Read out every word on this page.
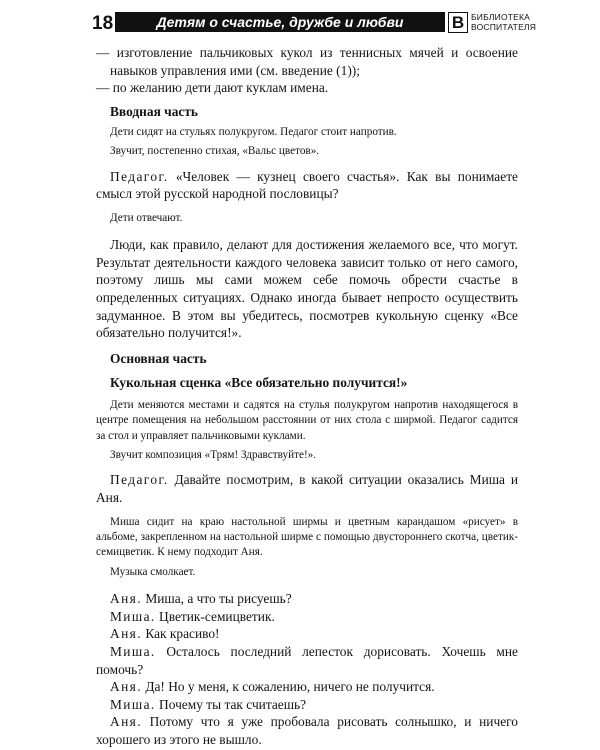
18	Детям о счастье, дружбе и любви	В БИБЛИОТЕКА
ВОСПИТАТЕЛЯ

— изготовление пальчиковых кукол из теннисных мячей и освоение навыков управления ими (см. введение (1));

— по желанию дети дают куклам имена.

Вводная часть

Дети сидят на стульях полукругом. Педагог стоит напротив.

Звучит, постепенно стихая, «Вальс цветов».

Педагог. «Человек — кузнец своего счастья». Как вы понимаете смысл этой русской народной пословицы?

Дети отвечают.

Люди, как правило, делают для достижения желаемого все, что могут. Результат деятельности каждого человека зависит только от него самого, поэтому лишь мы сами можем себе помочь обрести счастье в определенных ситуациях. Однако иногда бывает непросто осуществить задуманное. В этом вы убедитесь, посмотрев кукольную сценку «Все обязательно получится!».

Основная часть

Кукольная сценка «Все обязательно получится!»

Дети меняются местами и садятся на стулья полукругом напротив находящегося в центре помещения на небольшом расстоянии от них стола с ширмой. Педагог садится за стол и управляет пальчиковыми куклами.

Звучит композиция «Трям! Здравствуйте!».

Педагог. Давайте посмотрим, в какой ситуации оказались Миша и Аня.

Миша сидит на краю настольной ширмы и цветным карандашом «рисует» в альбоме, закрепленном на настольной ширме с помощью двустороннего скотча, цветик-семицветик. К нему подходит Аня.

Музыка смолкает.

Аня. Миша, а что ты рисуешь?

Миша. Цветик-семицветик.

Аня. Как красиво!

Миша. Осталось последний лепесток дорисовать. Хочешь мне помочь?

Аня. Да! Но у меня, к сожалению, ничего не получится.

Миша. Почему ты так считаешь?

Аня. Потому что я уже пробовала рисовать солнышко, и ничего хорошего из этого не вышло.
